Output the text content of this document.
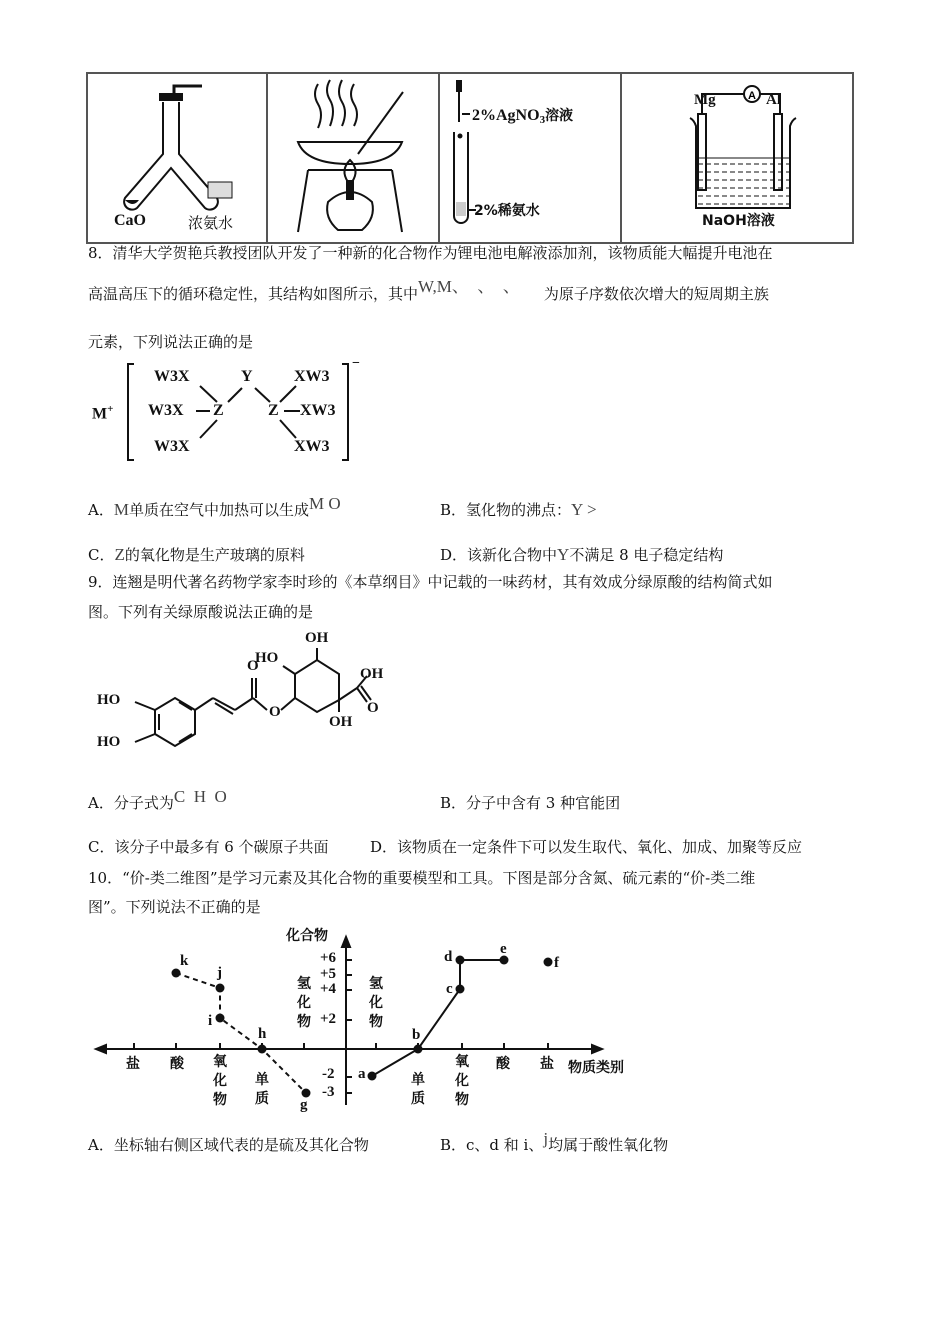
CaO	浓氨水

2%AgNO$_3$溶液
2%稀氨水

A
Mg	Al
NaOH溶液
8．清华大学贺艳兵教授团队开发了一种新的化合物作为锂电池电解液添加剂，该物质能大幅提升电池在
高温高压下的循环稳定性，其结构如图所示，其中W,M、　、　、 为原子序数依次增大的短周期主族
元素，下列说法正确的是
M+
−
W3X
W3X
W3X
Z
Y
Z
XW3
XW3
XW3
A．M单质在空气中加热可以生成M O	B．氢化物的沸点：Y >
C．Z的氧化物是生产玻璃的原料	D．该新化合物中Y不满足 8 电子稳定结构
9．连翘是明代著名药物学家李时珍的《本草纲目》中记载的一味药材，其有效成分绿原酸的结构简式如
图。下列有关绿原酸说法正确的是
HO
HO
O
O
HO
OH
OH
O
OH
A．分子式为C  H  O	B．分子中含有 3 种官能团
C．该分子中最多有 6 个碳原子共面	D．该物质在一定条件下可以发生取代、氧化、加成、加聚等反应
10．“价-类二维图”是学习元素及其化合物的重要模型和工具。下图是部分含氮、硫元素的“价-类二维
图”。下列说法不正确的是
化合物
物质类别
+6
+5
+4
+2
-2
-3
盐 酸 氧化物
单质
氢化物
氢化物
单质
氧化物
酸 盐
k
j
i
h
g
a
b
c
d	e
f
A．坐标轴右侧区域代表的是硫及其化合物	B．c、d 和 i、j均属于酸性氧化物
